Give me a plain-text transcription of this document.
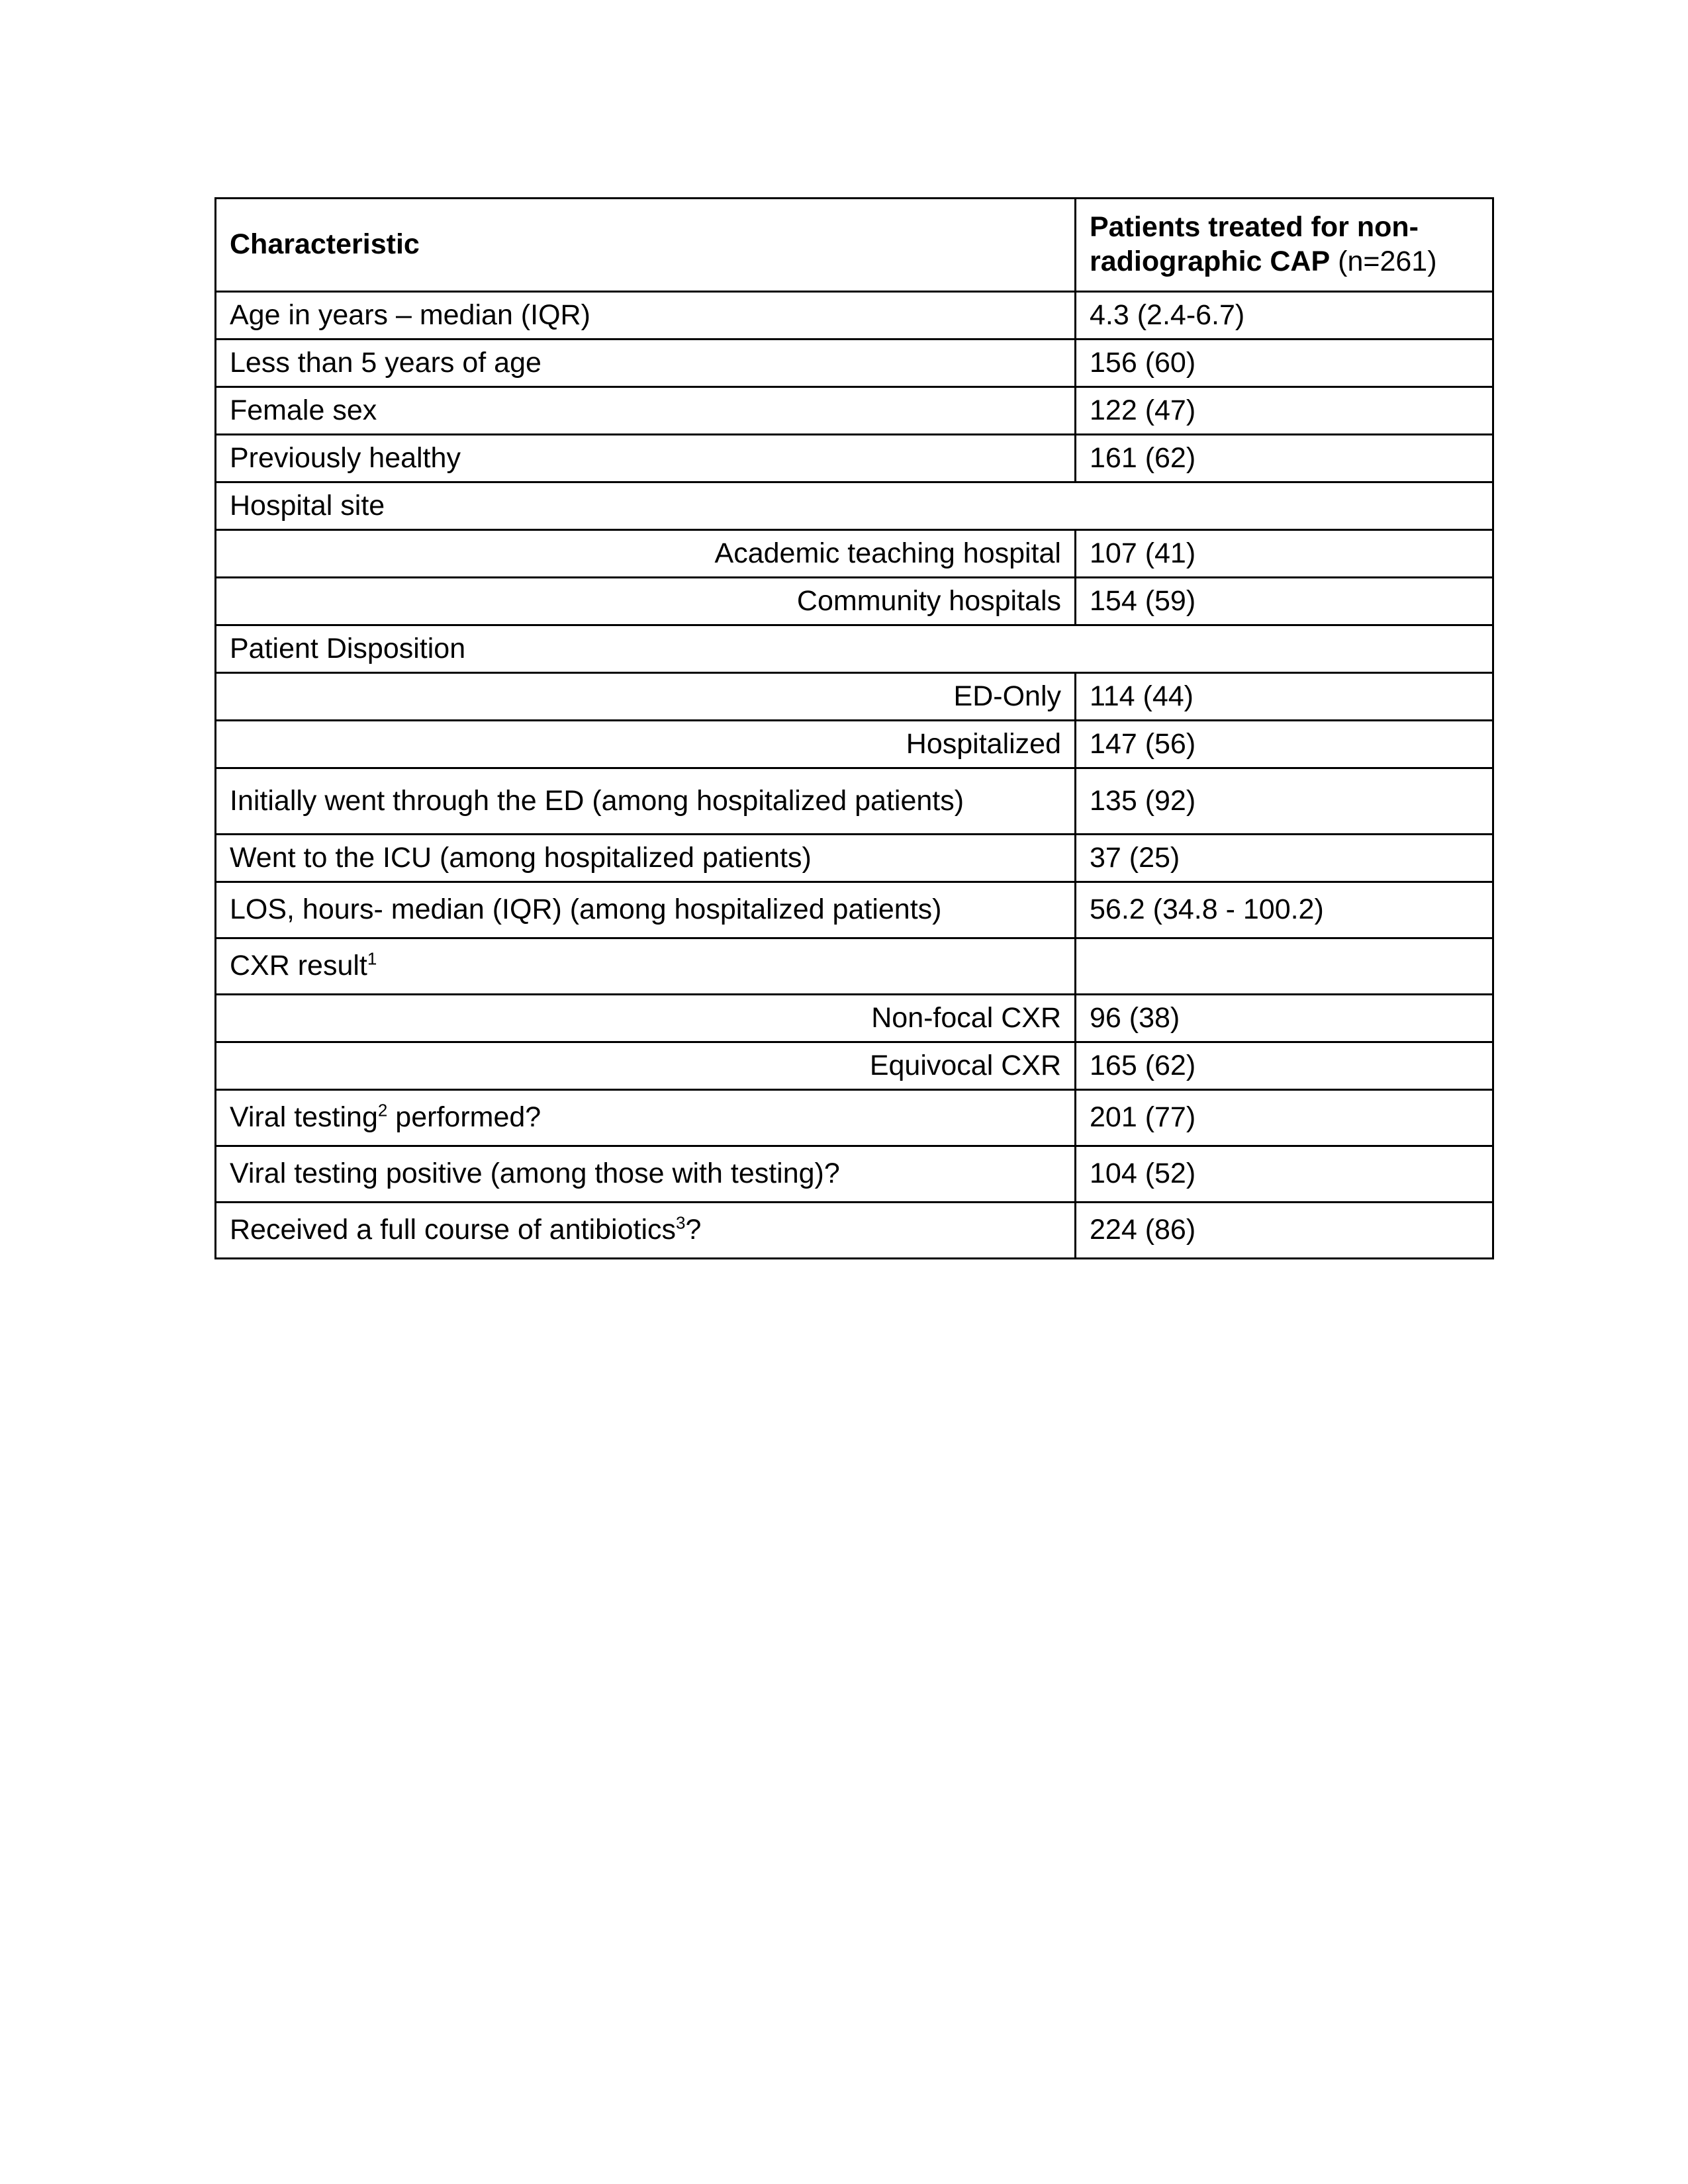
Characteristic	Patients treated for non-
radiographic CAP (n=261)

Age in years – median (IQR)	4.3 (2.4-6.7)
Less than 5 years of age	156 (60)
Female sex	122 (47)
Previously healthy	161 (62)
Hospital site	
Academic teaching hospital	107 (41)
Community hospitals	154 (59)
Patient Disposition	
ED-Only	114 (44)
Hospitalized	147 (56)
Initially went through the ED (among hospitalized patients)	135 (92)
Went to the ICU (among hospitalized patients)	37 (25)
LOS, hours- median (IQR) (among hospitalized patients)	56.2 (34.8 - 100.2)
CXR result$^1$	
Non-focal CXR	96 (38)
Equivocal CXR	165 (62)
Viral testing$^2$ performed?	201 (77)
Viral testing positive (among those with testing)?	104 (52)
Received a full course of antibiotics$^3$?	224 (86)
